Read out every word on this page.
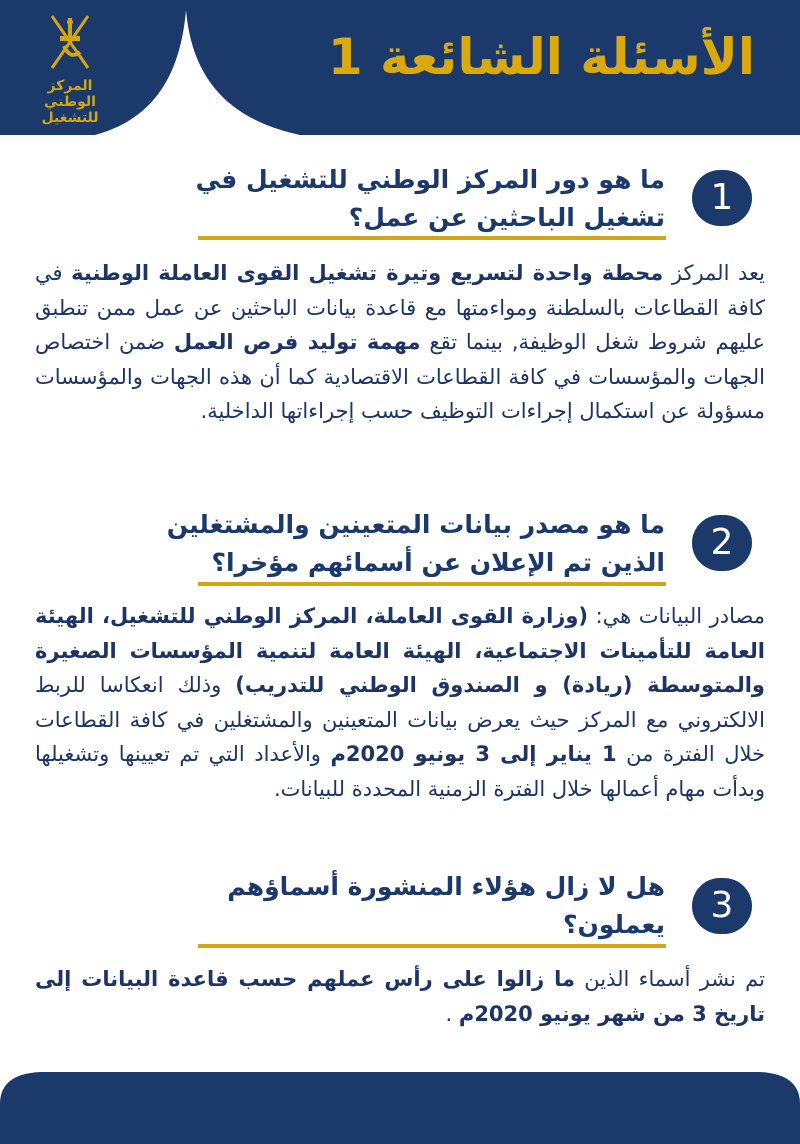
المركز الوطني
للتشغيل
الأسئلة الشائعة 1
1
ما هو دور المركز الوطني للتشغيل في تشغيل الباحثين عن عمل؟
يعد المركز محطة واحدة لتسريع وتيرة تشغيل القوى العاملة الوطنية في كافة القطاعات بالسلطنة ومواءمتها مع قاعدة بيانات الباحثين عن عمل ممن تنطبق عليهم شروط شغل الوظيفة, بينما تقع مهمة توليد فرص العمل ضمن اختصاص الجهات والمؤسسات في كافة القطاعات الاقتصادية كما أن هذه الجهات والمؤسسات مسؤولة عن استكمال إجراءات التوظيف حسب إجراءاتها الداخلية.
2
ما هو مصدر بيانات المتعينين والمشتغلين الذين تم الإعلان عن أسمائهم مؤخرا؟
مصادر البيانات هي: (وزارة القوى العاملة، المركز الوطني للتشغيل، الهيئة العامة للتأمينات الاجتماعية، الهيئة العامة لتنمية المؤسسات الصغيرة والمتوسطة (ريادة) و الصندوق الوطني للتدريب) وذلك انعكاسا للربط الالكتروني مع المركز حيث يعرض بيانات المتعينين والمشتغلين في كافة القطاعات خلال الفترة من 1 يناير إلى 3 يونيو 2020م والأعداد التي تم تعيينها وتشغيلها وبدأت مهام أعمالها خلال الفترة الزمنية المحددة للبيانات.
3
هل لا زال هؤلاء المنشورة أسماؤهم يعملون؟
تم نشر أسماء الذين ما زالوا على رأس عملهم حسب قاعدة البيانات إلى تاريخ 3 من شهر يونيو 2020م .
